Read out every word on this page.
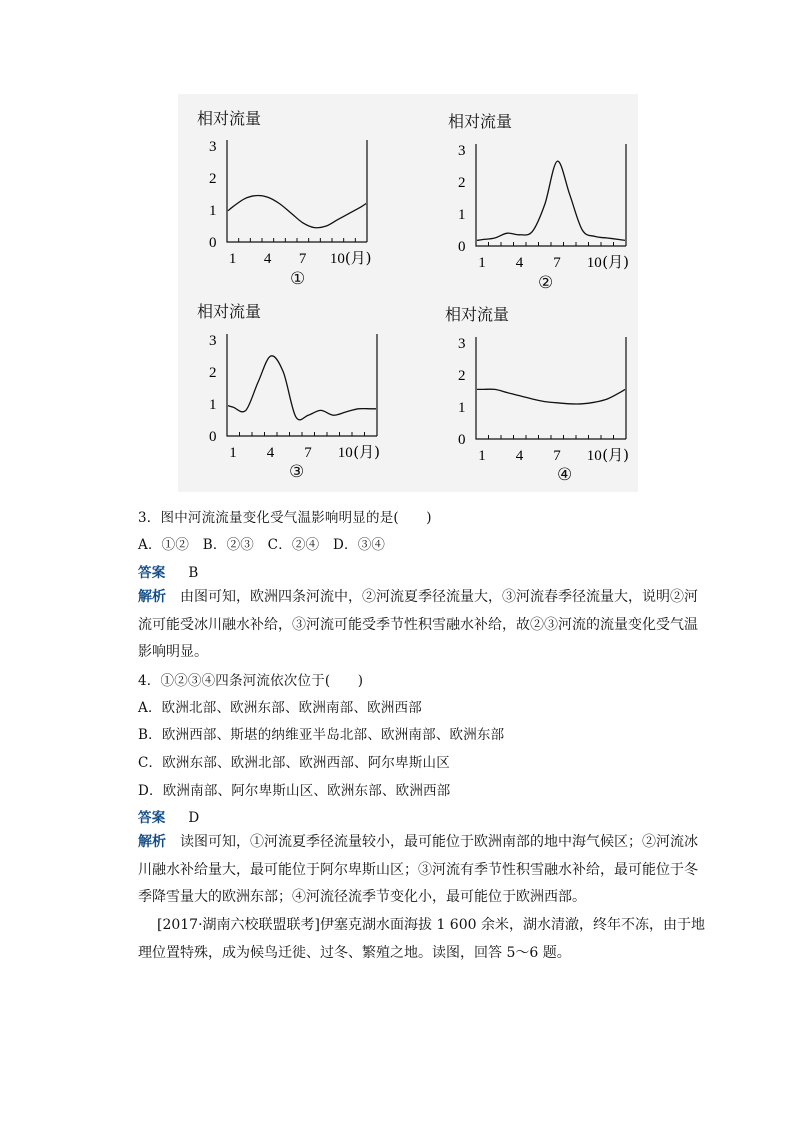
相对流量
3
2
1
0
1 4 7 10 (月)
①
相对流量
3
2
1
0
1 4 7 10 (月)
②
相对流量
3
2
1
0
1 4 7 10 (月)
③
相对流量
3
2
1
0
1 4 7 10 (月)
④
3．图中河流流量变化受气温影响明显的是(　　)
A．①②　B．②③　C．②④　D．③④
答案 B
解析 由图可知，欧洲四条河流中，②河流夏季径流量大，③河流春季径流量大，说明②河流可能受冰川融水补给，③河流可能受季节性积雪融水补给，故②③河流的流量变化受气温影响明显。
4．①②③④四条河流依次位于(　　)
A．欧洲北部、欧洲东部、欧洲南部、欧洲西部
B．欧洲西部、斯堪的纳维亚半岛北部、欧洲南部、欧洲东部
C．欧洲东部、欧洲北部、欧洲西部、阿尔卑斯山区
D．欧洲南部、阿尔卑斯山区、欧洲东部、欧洲西部
答案 D
解析 读图可知，①河流夏季径流量较小，最可能位于欧洲南部的地中海气候区；②河流冰川融水补给量大，最可能位于阿尔卑斯山区；③河流有季节性积雪融水补给，最可能位于冬季降雪量大的欧洲东部；④河流径流季节变化小，最可能位于欧洲西部。
[2017·湖南六校联盟联考]伊塞克湖水面海拔 1 600 余米，湖水清澈，终年不冻，由于地理位置特殊，成为候鸟迁徙、过冬、繁殖之地。读图，回答 5～6 题。
